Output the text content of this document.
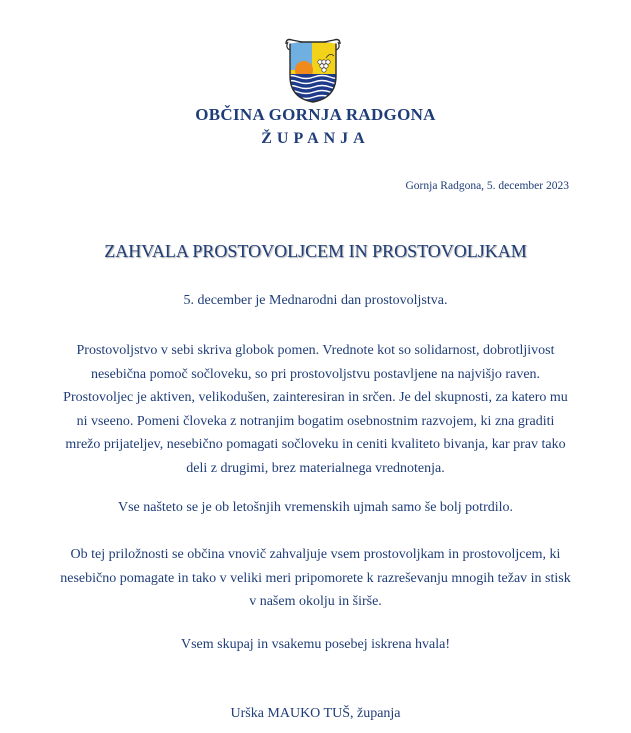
OBČINA GORNJA RADGONA
ŽUPANJA
Gornja Radgona, 5. december 2023
ZAHVALA PROSTOVOLJCEM IN PROSTOVOLJKAM
5. december je Mednarodni dan prostovoljstva.
Prostovoljstvo v sebi skriva globok pomen. Vrednote kot so solidarnost, dobrotljivost nesebična pomoč sočloveku, so pri prostovoljstvu postavljene na najvišjo raven. Prostovoljec je aktiven, velikodušen, zainteresiran in srčen. Je del skupnosti, za katero mu ni vseeno. Pomeni človeka z notranjim bogatim osebnostnim razvojem, ki zna graditi mrežo prijateljev, nesebično pomagati sočloveku in ceniti kvaliteto bivanja, kar prav tako deli z drugimi, brez materialnega vrednotenja.
Vse našteto se je ob letošnjih vremenskih ujmah samo še bolj potrdilo.
Ob tej priložnosti se občina vnovič zahvaljuje vsem prostovoljkam in prostovoljcem, ki nesebično pomagate in tako v veliki meri pripomorete k razreševanju mnogih težav in stisk v našem okolju in širše.
Vsem skupaj in vsakemu posebej iskrena hvala!
Urška MAUKO TUŠ, županja
